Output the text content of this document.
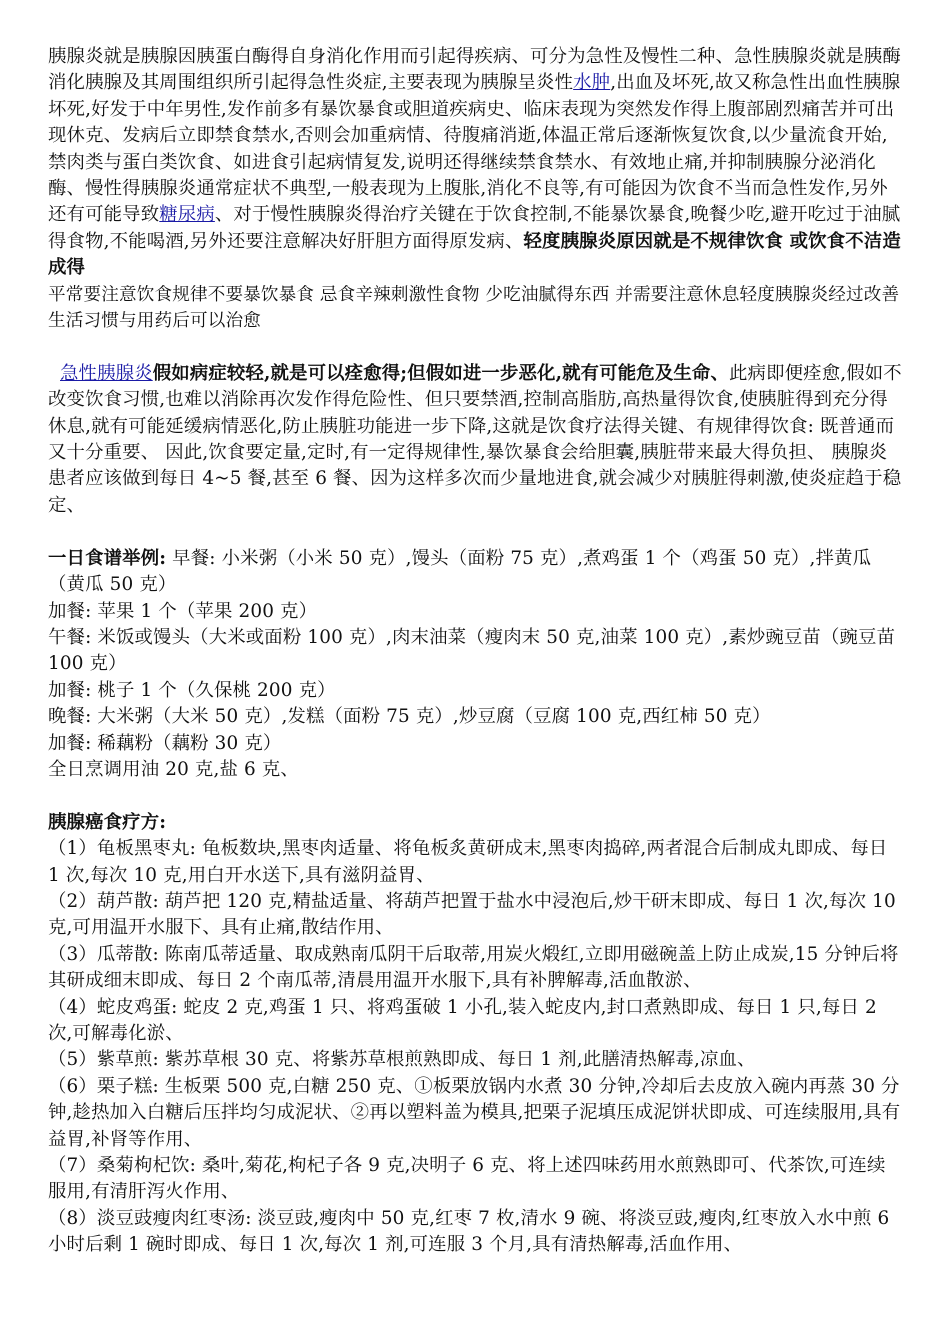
胰腺炎就是胰腺因胰蛋白酶得自身消化作用而引起得疾病、可分为急性及慢性二种、急性胰腺炎就是胰酶消化胰腺及其周围组织所引起得急性炎症,主要表现为胰腺呈炎性水肿,出血及坏死,故又称急性出血性胰腺坏死,好发于中年男性,发作前多有暴饮暴食或胆道疾病史、临床表现为突然发作得上腹部剧烈痛苦并可出现休克、发病后立即禁食禁水,否则会加重病情、待腹痛消逝,体温正常后逐渐恢复饮食,以少量流食开始,禁肉类与蛋白类饮食、如进食引起病情复发,说明还得继续禁食禁水、有效地止痛,并抑制胰腺分泌消化酶、慢性得胰腺炎通常症状不典型,一般表现为上腹胀,消化不良等,有可能因为饮食不当而急性发作,另外还有可能导致糖尿病、对于慢性胰腺炎得治疗关键在于饮食控制,不能暴饮暴食,晚餐少吃,避开吃过于油腻得食物,不能喝酒,另外还要注意解决好肝胆方面得原发病、轻度胰腺炎原因就是不规律饮食 或饮食不洁造成得

平常要注意饮食规律不要暴饮暴食 忌食辛辣刺激性食物 少吃油腻得东西 并需要注意休息轻度胰腺炎经过改善生活习惯与用药后可以治愈

急性胰腺炎假如病症较轻,就是可以痊愈得;但假如进一步恶化,就有可能危及生命、此病即便痊愈,假如不改变饮食习惯,也难以消除再次发作得危险性、但只要禁酒,控制高脂肪,高热量得饮食,使胰脏得到充分得休息,就有可能延缓病情恶化,防止胰脏功能进一步下降,这就是饮食疗法得关键、有规律得饮食: 既普通而又十分重要、 因此,饮食要定量,定时,有一定得规律性,暴饮暴食会给胆囊,胰脏带来最大得负担、 胰腺炎患者应该做到每日 4~5 餐,甚至 6 餐、因为这样多次而少量地进食,就会减少对胰脏得刺激,使炎症趋于稳定、

一日食谱举例: 早餐: 小米粥（小米 50 克）,馒头（面粉 75 克）,煮鸡蛋 1 个（鸡蛋 50 克）,拌黄瓜（黄瓜 50 克）

加餐: 苹果 1 个（苹果 200 克）

午餐: 米饭或馒头（大米或面粉 100 克）,肉末油菜（瘦肉末 50 克,油菜 100 克）,素炒豌豆苗（豌豆苗 100 克）

加餐: 桃子 1 个（久保桃 200 克）

晚餐: 大米粥（大米 50 克）,发糕（面粉 75 克）,炒豆腐（豆腐 100 克,西红柿 50 克）

加餐: 稀藕粉（藕粉 30 克）

全日烹调用油 20 克,盐 6 克、

胰腺癌食疗方:

（1）龟板黑枣丸: 龟板数块,黑枣肉适量、将龟板炙黄研成末,黑枣肉捣碎,两者混合后制成丸即成、每日 1 次,每次 10 克,用白开水送下,具有滋阴益胃、

（2）葫芦散: 葫芦把 120 克,精盐适量、将葫芦把置于盐水中浸泡后,炒干研末即成、每日 1 次,每次 10 克,可用温开水服下、具有止痛,散结作用、

（3）瓜蒂散: 陈南瓜蒂适量、取成熟南瓜阴干后取蒂,用炭火煅红,立即用磁碗盖上防止成炭,15 分钟后将其研成细末即成、每日 2 个南瓜蒂,清晨用温开水服下,具有补脾解毒,活血散淤、

（4）蛇皮鸡蛋: 蛇皮 2 克,鸡蛋 1 只、将鸡蛋破 1 小孔,装入蛇皮内,封口煮熟即成、每日 1 只,每日 2 次,可解毒化淤、

（5）紫草煎: 紫苏草根 30 克、将紫苏草根煎熟即成、每日 1 剂,此膳清热解毒,凉血、

（6）栗子糕: 生板栗 500 克,白糖 250 克、①板栗放锅内水煮 30 分钟,冷却后去皮放入碗内再蒸 30 分钟,趁热加入白糖后压拌均匀成泥状、②再以塑料盖为模具,把栗子泥填压成泥饼状即成、可连续服用,具有益胃,补肾等作用、

（7）桑菊枸杞饮: 桑叶,菊花,枸杞子各 9 克,决明子 6 克、将上述四味药用水煎熟即可、代茶饮,可连续服用,有清肝泻火作用、

（8）淡豆豉瘦肉红枣汤: 淡豆豉,瘦肉中 50 克,红枣 7 枚,清水 9 碗、将淡豆豉,瘦肉,红枣放入水中煎 6 小时后剩 1 碗时即成、每日 1 次,每次 1 剂,可连服 3 个月,具有清热解毒,活血作用、
